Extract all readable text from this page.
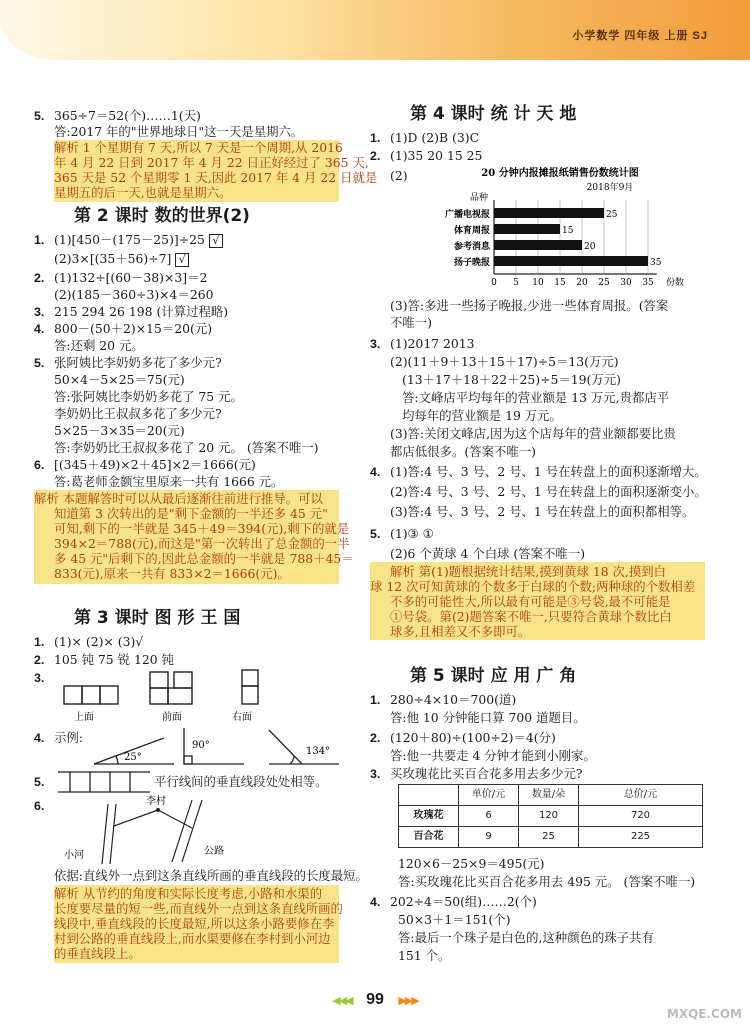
小学数学 四年级 上册 SJ
5. 365÷7＝52(个)……1(天)
答:2017 年的"世界地球日"这一天是星期六。
解析 1 个星期有 7 天,所以 7 天是一个周期,从 2016
年 4 月 22 日到 2017 年 4 月 22 日正好经过了 365 天,
365 天是 52 个星期零 1 天,因此 2017 年 4 月 22 日就是
星期五的后一天,也就是星期六。
第 2 课时 数的世界(2)
1. (1)[450－(175－25)]÷25 √
(2)3×[(35＋56)÷7] √
2. (1)132÷[(60－38)×3]＝2
(2)(185－360÷3)×4＝260
3. 215 294 26 198 (计算过程略)
4. 800－(50＋2)×15＝20(元)
答:还剩 20 元。
5. 张阿姨比李奶奶多花了多少元?
50×4－5×25＝75(元)
答:张阿姨比李奶奶多花了 75 元。
李奶奶比王叔叔多花了多少元?
5×25－3×35＝20(元)
答:李奶奶比王叔叔多花了 20 元。 (答案不唯一)
6. [(345＋49)×2＋45]×2＝1666(元)
答:葛老师金额宝里原来一共有 1666 元。
解析 本题解答时可以从最后逐渐往前进行推导。可以
知道第 3 次转出的是"剩下金额的一半还多 45 元"
可知,剩下的一半就是 345＋49＝394(元),剩下的就是
394×2＝788(元),而这是"第一次转出了总金额的一半
多 45 元"后剩下的,因此总金额的一半就是 788＋45＝
833(元),原来一共有 833×2＝1666(元)。
第 3 课时 图 形 王 国
1. (1)× (2)× (3)√
2. 105 钝 75 锐 120 钝
3.
上面	前面	右面
4. 示例:
25°
90°
134°
5.	平行线间的垂直线段处处相等。
6.	李村
小河	公路
依据:直线外一点到这条直线所画的垂直线段的长度最短。
解析 从节约的角度和实际长度考虑,小路和水渠的
长度要尽量的短一些,而直线外一点到这条直线所画的
线段中,垂直线段的长度最短,所以这条小路要修在李
村到公路的垂直线段上,而水渠要修在李村到小河边
的垂直线段上。
第 4 课时 统 计 天 地
1. (1)D (2)B (3)C
2. (1)35 20 15 25
(2)	20 分钟内报摊报纸销售份数统计图
2018年9月
品种
广播电视报	25
体育周报	15
参考消息	20
扬子晚报	35
0 5 10 15 20 25 30 35 份数
(3)答:多进一些扬子晚报,少进一些体育周报。(答案
不唯一)
3. (1)2017 2013
(2)(11＋9＋13＋15＋17)÷5＝13(万元)
(13＋17＋18＋22＋25)÷5＝19(万元)
答:文峰店平均每年的营业额是 13 万元,贵都店平
均每年的营业额是 19 万元。
(3)答:关闭文峰店,因为这个店每年的营业额都要比贵
都店低很多。(答案不唯一)
4. (1)答:4 号、3 号、2 号、1 号在转盘上的面积逐渐增大。
(2)答:4 号、3 号、2 号、1 号在转盘上的面积逐渐变小。
(3)答:4 号、3 号、2 号、1 号在转盘上的面积都相等。
5. (1)③ ①
(2)6 个黄球 4 个白球 (答案不唯一)
解析 第(1)题根据统计结果,摸到黄球 18 次,摸到白
球 12 次可知黄球的个数多于白球的个数;两种球的个数相差
不多的可能性大,所以最有可能是③号袋,最不可能是
①号袋。第(2)题答案不唯一,只要符合黄球个数比白
球多,且相差又不多即可。
第 5 课时 应 用 广 角
1. 280÷4×10＝700(道)
答:他 10 分钟能口算 700 道题目。
2. (120＋80)÷(100÷2)＝4(分)
答:他一共要走 4 分钟才能到小刚家。
3. 买玫瑰花比买百合花多用去多少元?
	单价/元	数量/朵	总价/元
玫瑰花	6	120	720
百合花	9	25	225
120×6－25×9＝495(元)
答:买玫瑰花比买百合花多用去 495 元。 (答案不唯一)
4. 202÷4＝50(组)……2(个)
50×3＋1＝151(个)
答:最后一个珠子是白色的,这种颜色的珠子共有
151 个。
◀◀◀ 99 ▶▶▶
MXQE.COM
